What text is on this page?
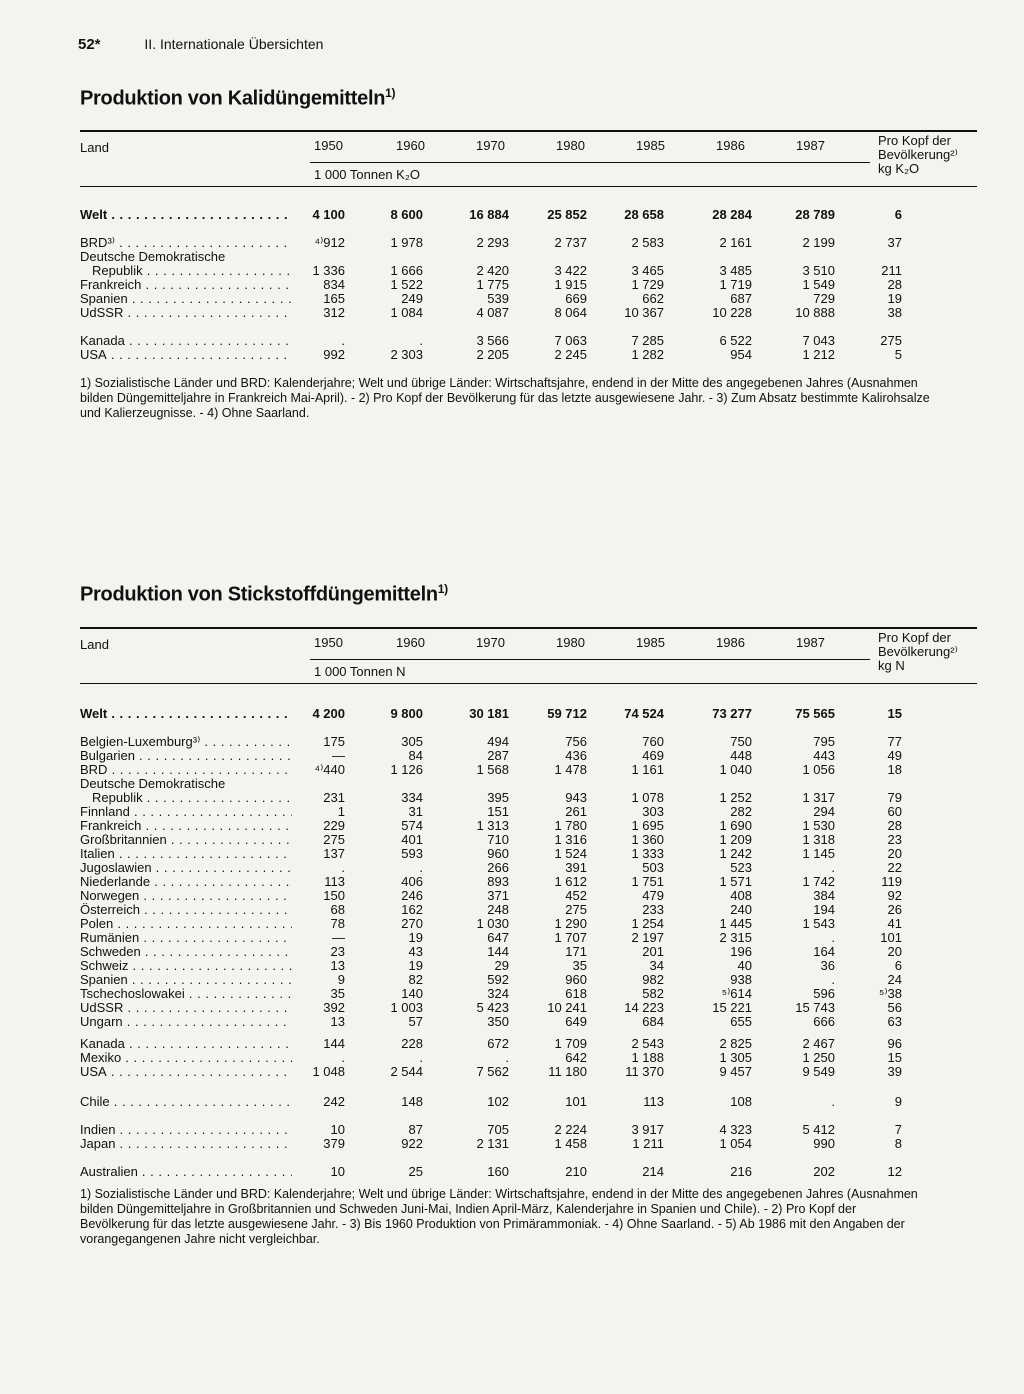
52*	II. Internationale Übersichten
Produktion von Kalidüngemitteln$^{1)}$
Land	1950	1960	1970	1980	1985	1986	1987
1 000 Tonnen K₂O
Pro Kopf der
Bevölkerung²⁾
kg K₂O
Welt . . .	4 100	8 600	16 884	25 852	28 658	28 284	28 789	6
BRD³⁾ . . .	⁴⁾912	1 978	2 293	2 737	2 583	2 161	2 199	37
Deutsche Demokratische
Republik . . .	1 336	1 666	2 420	3 422	3 465	3 485	3 510	211
Frankreich . . .	834	1 522	1 775	1 915	1 729	1 719	1 549	28
Spanien . . .	165	249	539	669	662	687	729	19
UdSSR . . .	312	1 084	4 087	8 064	10 367	10 228	10 888	38
Kanada . . .	.	.	3 566	7 063	7 285	6 522	7 043	275
USA . . .	992	2 303	2 205	2 245	1 282	954	1 212	5
1) Sozialistische Länder und BRD: Kalenderjahre; Welt und übrige Länder: Wirtschaftsjahre, endend in der Mitte des angegebenen Jahres (Ausnahmen
bilden Düngemitteljahre in Frankreich Mai-April). - 2) Pro Kopf der Bevölkerung für das letzte ausgewiesene Jahr. - 3) Zum Absatz bestimmte Kalirohsalze
und Kalierzeugnisse. - 4) Ohne Saarland.
Produktion von Stickstoffdüngemitteln$^{1)}$
Land	1950	1960	1970	1980	1985	1986	1987
1 000 Tonnen N
Pro Kopf der
Bevölkerung²⁾
kg N
Welt . . .	4 200	9 800	30 181	59 712	74 524	73 277	75 565	15
Belgien-Luxemburg³⁾ . . .	175	305	494	756	760	750	795	77
Bulgarien . . .	—	84	287	436	469	448	443	49
BRD . . .	⁴⁾440	1 126	1 568	1 478	1 161	1 040	1 056	18
Deutsche Demokratische
Republik . . .	231	334	395	943	1 078	1 252	1 317	79
Finnland . . .	1	31	151	261	303	282	294	60
Frankreich . . .	229	574	1 313	1 780	1 695	1 690	1 530	28
Großbritannien . . .	275	401	710	1 316	1 360	1 209	1 318	23
Italien . . .	137	593	960	1 524	1 333	1 242	1 145	20
Jugoslawien . . .	.	.	266	391	503	523	.	22
Niederlande . . .	113	406	893	1 612	1 751	1 571	1 742	119
Norwegen . . .	150	246	371	452	479	408	384	92
Österreich . . .	68	162	248	275	233	240	194	26
Polen . . .	78	270	1 030	1 290	1 254	1 445	1 543	41
Rumänien . . .	—	19	647	1 707	2 197	2 315	.	101
Schweden . . .	23	43	144	171	201	196	164	20
Schweiz . . .	13	19	29	35	34	40	36	6
Spanien . . .	9	82	592	960	982	938	.	24
Tschechoslowakei . . .	35	140	324	618	582	⁵⁾614	596	⁵⁾38
UdSSR . . .	392	1 003	5 423	10 241	14 223	15 221	15 743	56
Ungarn . . .	13	57	350	649	684	655	666	63
Kanada . . .	144	228	672	1 709	2 543	2 825	2 467	96
Mexiko . . .	.	.	.	642	1 188	1 305	1 250	15
USA . . .	1 048	2 544	7 562	11 180	11 370	9 457	9 549	39
Chile . . .	242	148	102	101	113	108	.	9
Indien . . .	10	87	705	2 224	3 917	4 323	5 412	7
Japan . . .	379	922	2 131	1 458	1 211	1 054	990	8
Australien . . .	10	25	160	210	214	216	202	12
1) Sozialistische Länder und BRD: Kalenderjahre; Welt und übrige Länder: Wirtschaftsjahre, endend in der Mitte des angegebenen Jahres (Ausnahmen
bilden Düngemitteljahre in Großbritannien und Schweden Juni-Mai, Indien April-März, Kalenderjahre in Spanien und Chile). - 2) Pro Kopf der
Bevölkerung für das letzte ausgewiesene Jahr. - 3) Bis 1960 Produktion von Primärammoniak. - 4) Ohne Saarland. - 5) Ab 1986 mit den Angaben der
vorangegangenen Jahre nicht vergleichbar.
